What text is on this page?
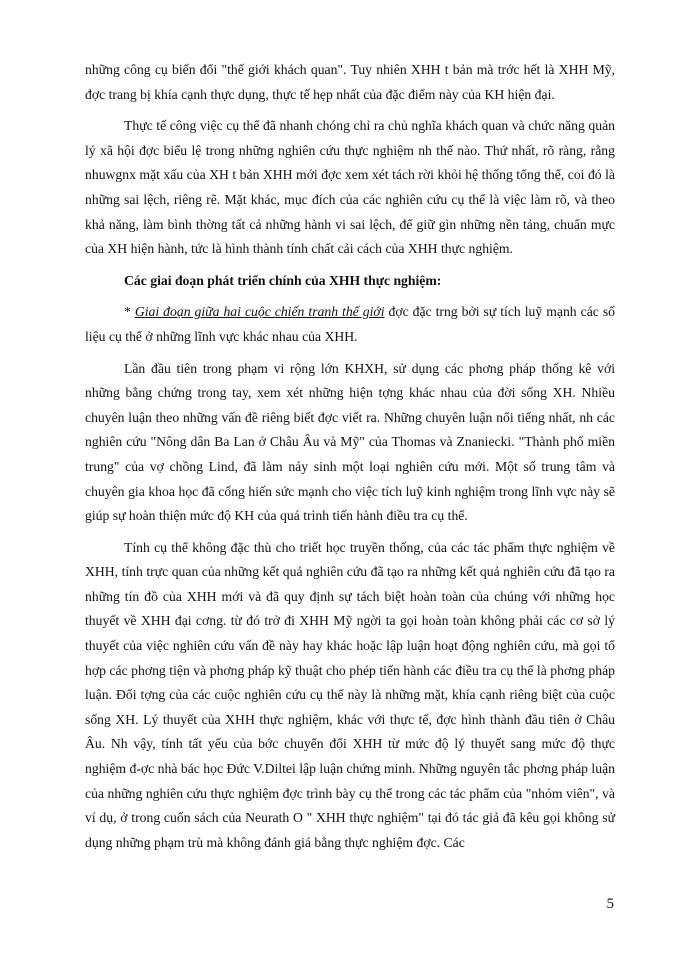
những công cụ biến đổi "thế giới khách quan". Tuy nhiên XHH t bản mà trớc hết là XHH Mỹ, đợc trang bị khía cạnh thực dụng, thực tế hẹp nhất của đặc điểm này của KH hiện đại.

Thực tế công việc cụ thể đã nhanh chóng chỉ ra chủ nghĩa khách quan và chức năng quản lý xã hội đợc biểu lệ trong những nghiên cứu thực nghiệm nh thế nào. Thứ nhất, rõ ràng, rằng nhuwgnx mặt xấu của XH t bản XHH mới đợc xem xét tách rời khỏi hệ thống tổng thể, coi đó là những sai lệch, riêng rẽ. Mặt khác, mục đích của các nghiên cứu cụ thể là việc làm rõ, và theo khả năng, làm bình thờng tất cả những hành vi sai lệch, để giữ gìn những nền tảng, chuẩn mực của XH hiện hành, tức là hình thành tính chất cải cách của XHH thực nghiệm.

Các giai đoạn phát triển chính của XHH thực nghiệm:

* Giai đoạn giữa hai cuộc chiến tranh thế giới đợc đặc trng bởi sự tích luỹ mạnh các số liệu cụ thể ở những lĩnh vực khác nhau của XHH.

Lần đầu tiên trong phạm vi rộng lớn KHXH, sử dụng các phơng pháp thống kê với những bằng chứng trong tay, xem xét những hiện tợng khác nhau của đời sống XH. Nhiều chuyên luận theo những vấn đề riêng biết đợc viết ra. Những chuyên luận nổi tiếng nhất, nh các nghiên cứu "Nông dân Ba Lan ở Châu Âu và Mỹ" của Thomas và Znaniecki. "Thành phố miền trung" của vợ chồng Lind, đã làm nảy sinh một loại nghiên cứu mới. Một số trung tâm và chuyên gia khoa học đã cống hiến sức mạnh cho việc tích luỹ kinh nghiệm trong lĩnh vực này sẽ giúp sự hoàn thiện mức độ KH của quá trình tiến hành điều tra cụ thể.

Tính cụ thể không đặc thù cho triết học truyền thống, của các tác phẩm thực nghiệm về XHH, tính trực quan của những kết quả nghiên cứu đã tạo ra những kết quả nghiên cứu đã tạo ra những tín đồ của XHH mới và đã quy định sự tách biệt hoàn toàn của chúng với những học thuyết về XHH đại cơng. từ đó trở đi XHH Mỹ ngời ta gọi hoàn toàn không phải các cơ sở lý thuyết của việc nghiên cứu vấn đề này hay khác hoặc lập luận hoạt động nghiên cứu, mà gọi tổ hợp các phơng tiện và phơng pháp kỹ thuật cho phép tiến hành các điều tra cụ thể là phơng pháp luận. Đối tợng của các cuộc nghiên cứu cụ thể này là những mặt, khía cạnh riêng biệt của cuộc sống XH. Lý thuyết của XHH thực nghiệm, khác với thực tế, đợc hình thành đầu tiên ở Châu Âu. Nh vậy, tính tất yếu của bớc chuyển đổi XHH từ mức độ lý thuyết sang mức độ thực nghiệm đ-ợc nhà bác học Đức V.Diltei lập luận chứng minh. Những nguyên tắc phơng pháp luận của những nghiên cứu thực nghiệm đợc trình bày cụ thể trong các tác phẩm của "nhóm viên", và ví dụ, ở trong cuốn sách của Neurath O " XHH thực nghiệm" tại đó tác giả đã kêu gọi không sử dụng những phạm trù mà không đánh giá bằng thực nghiệm đợc. Các

5
